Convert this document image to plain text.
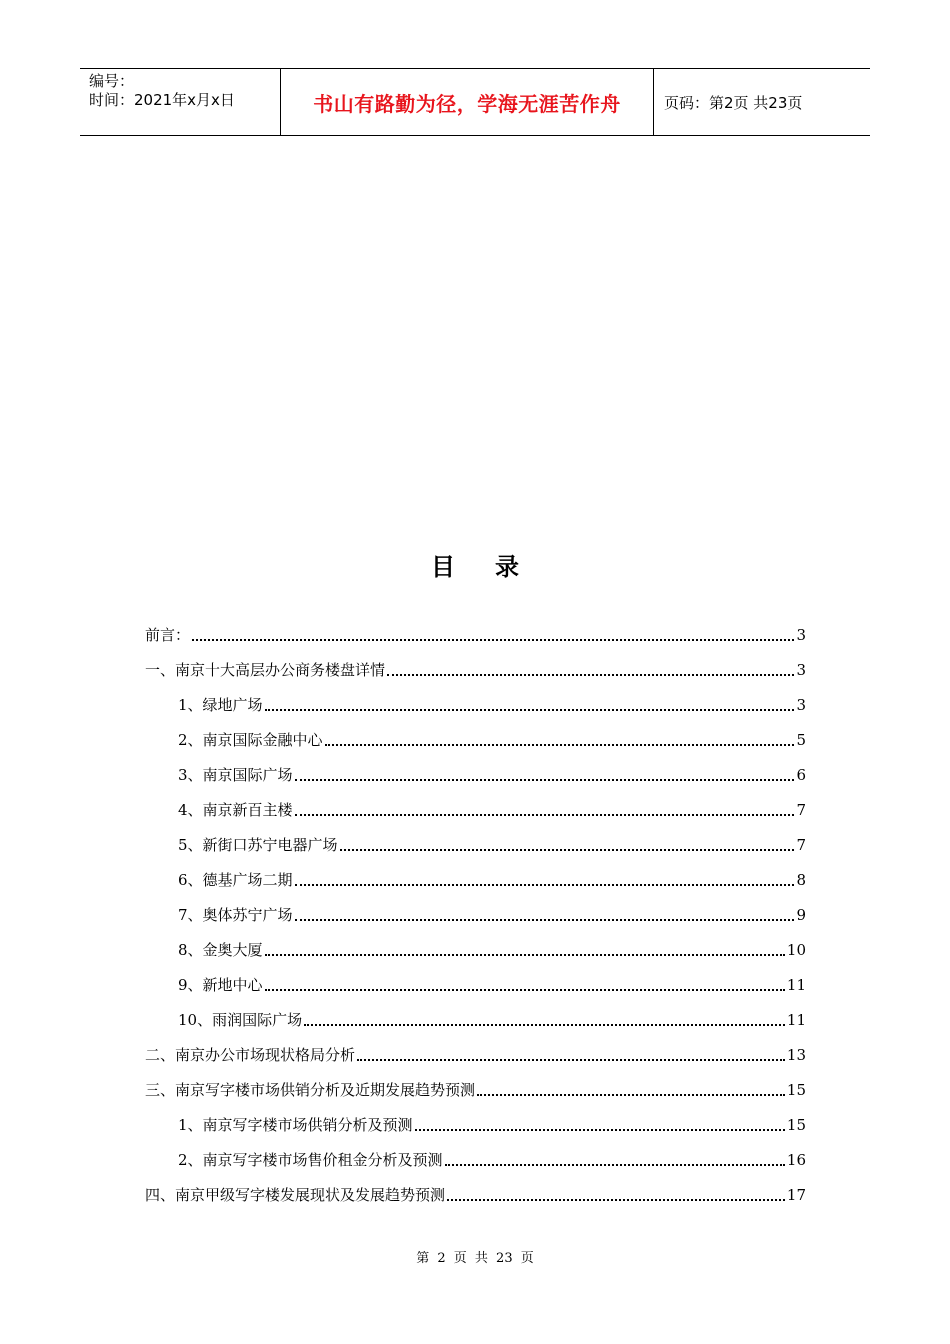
编号：
时间：2021年x月x日	书山有路勤为径，学海无涯苦作舟	页码：第2页 共23页
目录
前言：	3
一、南京十大高层办公商务楼盘详情	3
1、绿地广场	3
2、南京国际金融中心	5
3、南京国际广场	6
4、南京新百主楼	7
5、新街口苏宁电器广场	7
6、德基广场二期	8
7、奥体苏宁广场	9
8、金奥大厦	10
9、新地中心	11
10、雨润国际广场	11
二、南京办公市场现状格局分析	13
三、南京写字楼市场供销分析及近期发展趋势预测	15
1、南京写字楼市场供销分析及预测	15
2、南京写字楼市场售价租金分析及预测	16
四、南京甲级写字楼发展现状及发展趋势预测	17
第 2 页 共 23 页
